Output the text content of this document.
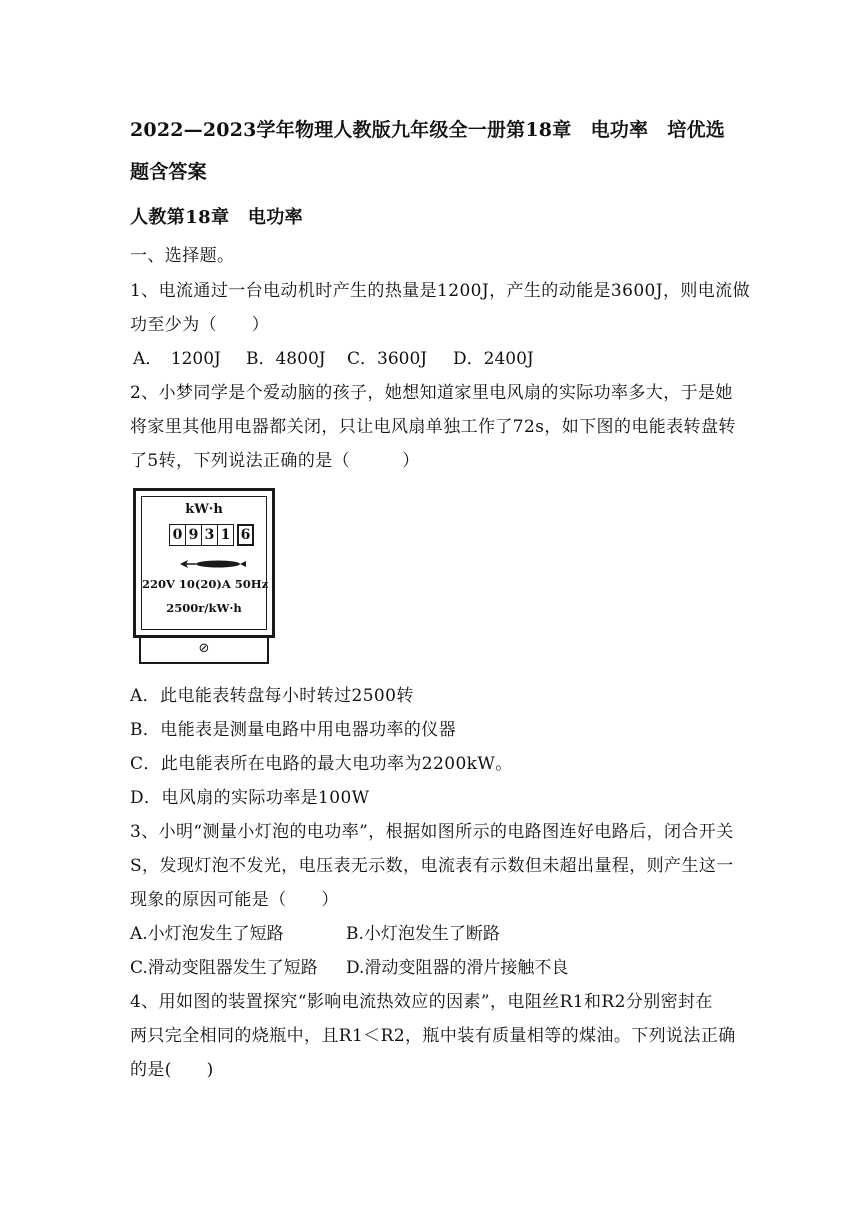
2022—2023学年物理人教版九年级全一册第18章　电功率　培优选
题含答案
人教第18章　电功率
一、选择题。
1、电流通过一台电动机时产生的热量是1200J，产生的动能是3600J，则电流做
功至少为（　　）
A．　1200J B．4800J C．3600J D．2400J
2、小梦同学是个爱动脑的孩子，她想知道家里电风扇的实际功率多大，于是她
将家里其他用电器都关闭，只让电风扇单独工作了72s，如下图的电能表转盘转
了5转，下列说法正确的是（　　　）
kW·h
0 9 3 1 6
220V 10(20)A 50Hz
2500r/kW·h
⊘
A．此电能表转盘每小时转过2500转
B．电能表是测量电路中用电器功率的仪器
C．此电能表所在电路的最大电功率为2200kW。
D．电风扇的实际功率是100W
3、小明“测量小灯泡的电功率”，根据如图所示的电路图连好电路后，闭合开关
S，发现灯泡不发光，电压表无示数，电流表有示数但未超出量程，则产生这一
现象的原因可能是（　　）
A.小灯泡发生了短路	B.小灯泡发生了断路
C.滑动变阻器发生了短路 D.滑动变阻器的滑片接触不良
4、用如图的装置探究“影响电流热效应的因素”，电阻丝R1和R2分别密封在
两只完全相同的烧瓶中，且R1＜R2，瓶中装有质量相等的煤油。下列说法正确
的是(　　)
